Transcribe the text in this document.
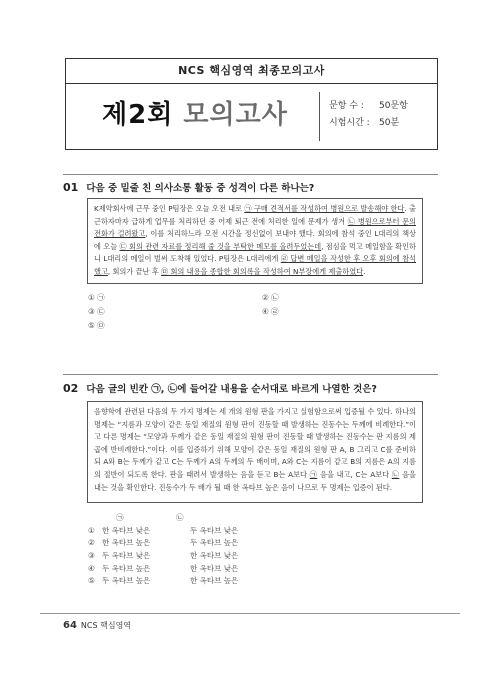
NCS 핵심영역 최종모의고사
제2회 모의고사	문항 수 : 50문항
시험시간 : 50분
01 다음 중 밑줄 친 의사소통 활동 중 성격이 다른 하나는?
K제약회사에 근무 중인 P팀장은 오늘 오전 내로 ㉠ 구매 견적서를 작성하여 병원으로 발송해야 한다. 출근하자마자 급하게 업무를 처리하던 중 어제 퇴근 전에 처리한 일에 문제가 생겨 ㉡ 병원으로부터 문의 전화가 걸려왔고, 이를 처리하느라 오전 시간을 정신없이 보내야 했다. 회의에 참석 중인 L대리의 책상에 오늘 ㉢ 회의 관련 자료를 정리해 줄 것을 부탁한 메모를 올려두었는데, 점심을 먹고 메일함을 확인하니 L대리의 메일이 벌써 도착해 있었다. P팀장은 L대리에게 ㉣ 답변 메일을 작성한 후 오후 회의에 참석했고, 회의가 끝난 후 ㉤ 회의 내용을 종합한 회의록을 작성하여 N부장에게 제출하였다.
① ㉠	② ㉡
③ ㉢	④ ㉣
⑤ ㉤
02 다음 글의 빈칸 ㉠, ㉡에 들어갈 내용을 순서대로 바르게 나열한 것은?
음향학에 관련된 다음의 두 가지 명제는 세 개의 원형 판을 가지고 실험함으로써 입증될 수 있다. 하나의 명제는 “지름과 모양이 같은 동일 재질의 원형 판이 진동할 때 발생하는 진동수는 두께에 비례한다.”이고 다른 명제는 “모양과 두께가 같은 동일 재질의 원형 판이 진동할 때 발생하는 진동수는 판 지름의 제곱에 반비례한다.”이다. 이를 입증하기 위해 모양이 같은 동일 재질의 원형 판 A, B 그리고 C를 준비하되 A와 B는 두께가 같고 C는 두께가 A의 두께의 두 배이며, A와 C는 지름이 같고 B의 지름은 A의 지름의 절반이 되도록 한다. 판을 때려서 발생하는 음을 듣고 B는 A보다 ㉠ 음을 내고, C는 A보다 ㉡ 음을 내는 것을 확인한다. 진동수가 두 배가 될 때 한 옥타브 높은 음이 나므로 두 명제는 입증이 된다.
㉠	㉡
① 한 옥타브 낮은	두 옥타브 낮은
② 한 옥타브 높은	두 옥타브 높은
③ 두 옥타브 낮은	한 옥타브 낮은
④ 두 옥타브 높은	한 옥타브 낮은
⑤ 두 옥타브 높은	한 옥타브 높은
64 NCS 핵심영역
